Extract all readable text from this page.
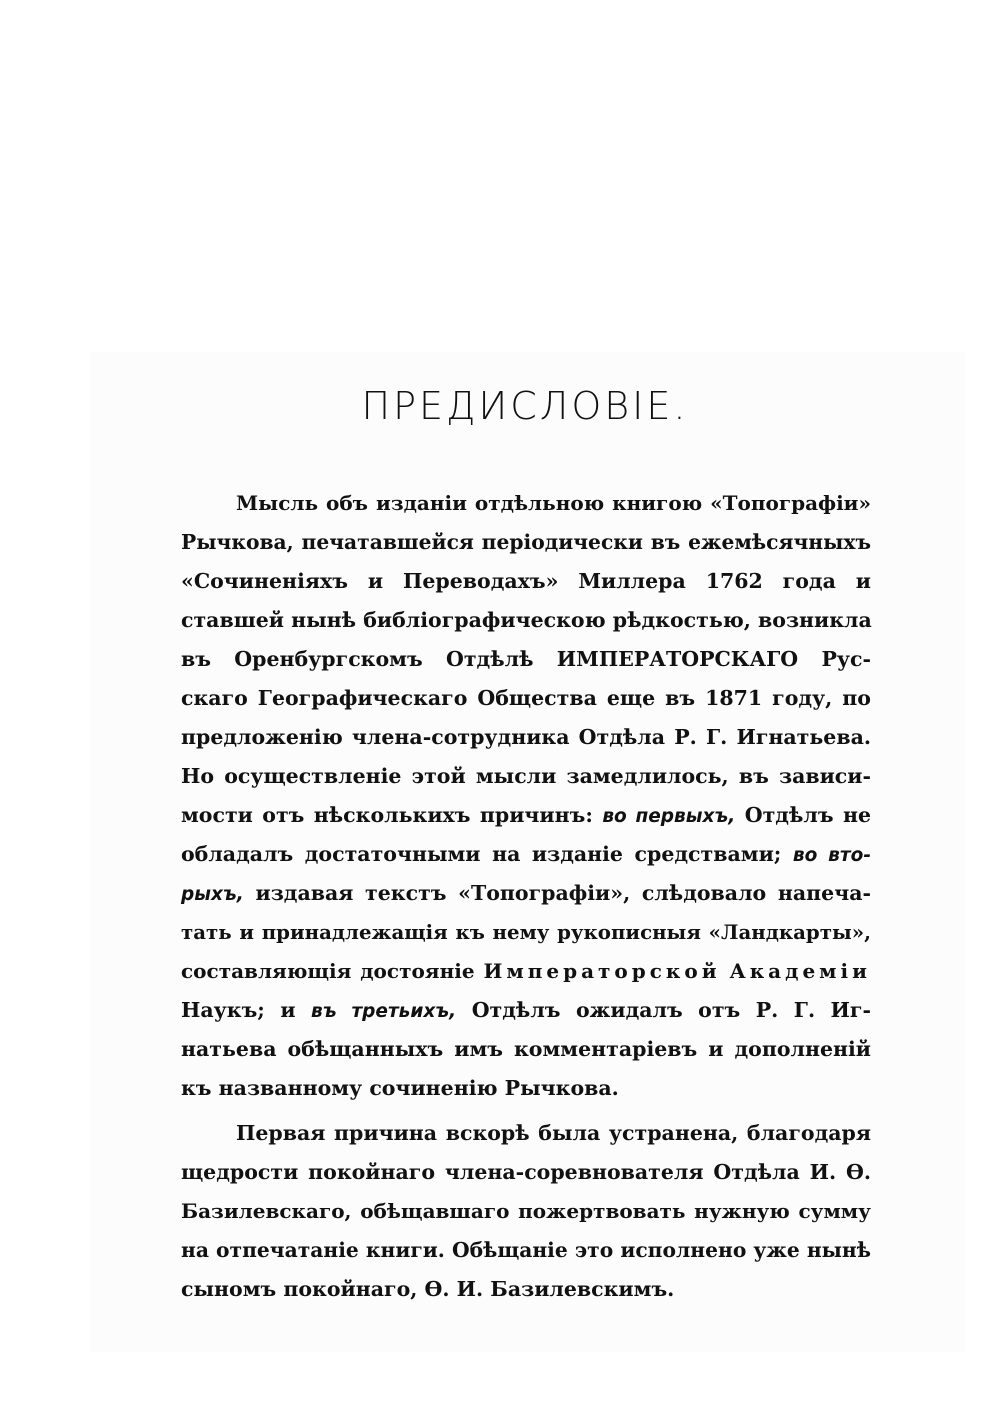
ПРЕДИСЛОВІЕ.
Мысль объ изданіи отдѣльною книгою «Топографіи»
Рычкова, печатавшейся періодически въ ежемѣсячныхъ
«Сочиненіяхъ и Переводахъ» Миллера 1762 года и
ставшей нынѣ библіографическою рѣдкостью, возникла
въ Оренбургскомъ Отдѣлѣ ИМПЕРАТОРСКАГО Рус-
скаго Географическаго Общества еще въ 1871 году, по
предложенію члена-сотрудника Отдѣла Р. Г. Игнатьева.
Но осуществленіе этой мысли замедлилось, въ зависи-
мости отъ нѣсколькихъ причинъ: во первыхъ, Отдѣлъ не
обладалъ достаточными на изданіе средствами; во вто-
рыхъ, издавая текстъ «Топографіи», слѣдовало напеча-
тать и принадлежащія къ нему рукописныя «Ландкарты»,
составляющія достояніе Императорской Академіи
Наукъ; и въ третьихъ, Отдѣлъ ожидалъ отъ Р. Г. Иг-
натьева обѣщанныхъ имъ комментаріевъ и дополненій
къ названному сочиненію Рычкова.
Первая причина вскорѣ была устранена, благодаря
щедрости покойнаго члена-соревнователя Отдѣла И. Ѳ.
Базилевскаго, обѣщавшаго пожертвовать нужную сумму
на отпечатаніе книги. Обѣщаніе это исполнено уже нынѣ
сыномъ покойнаго, Ѳ. И. Базилевскимъ.
